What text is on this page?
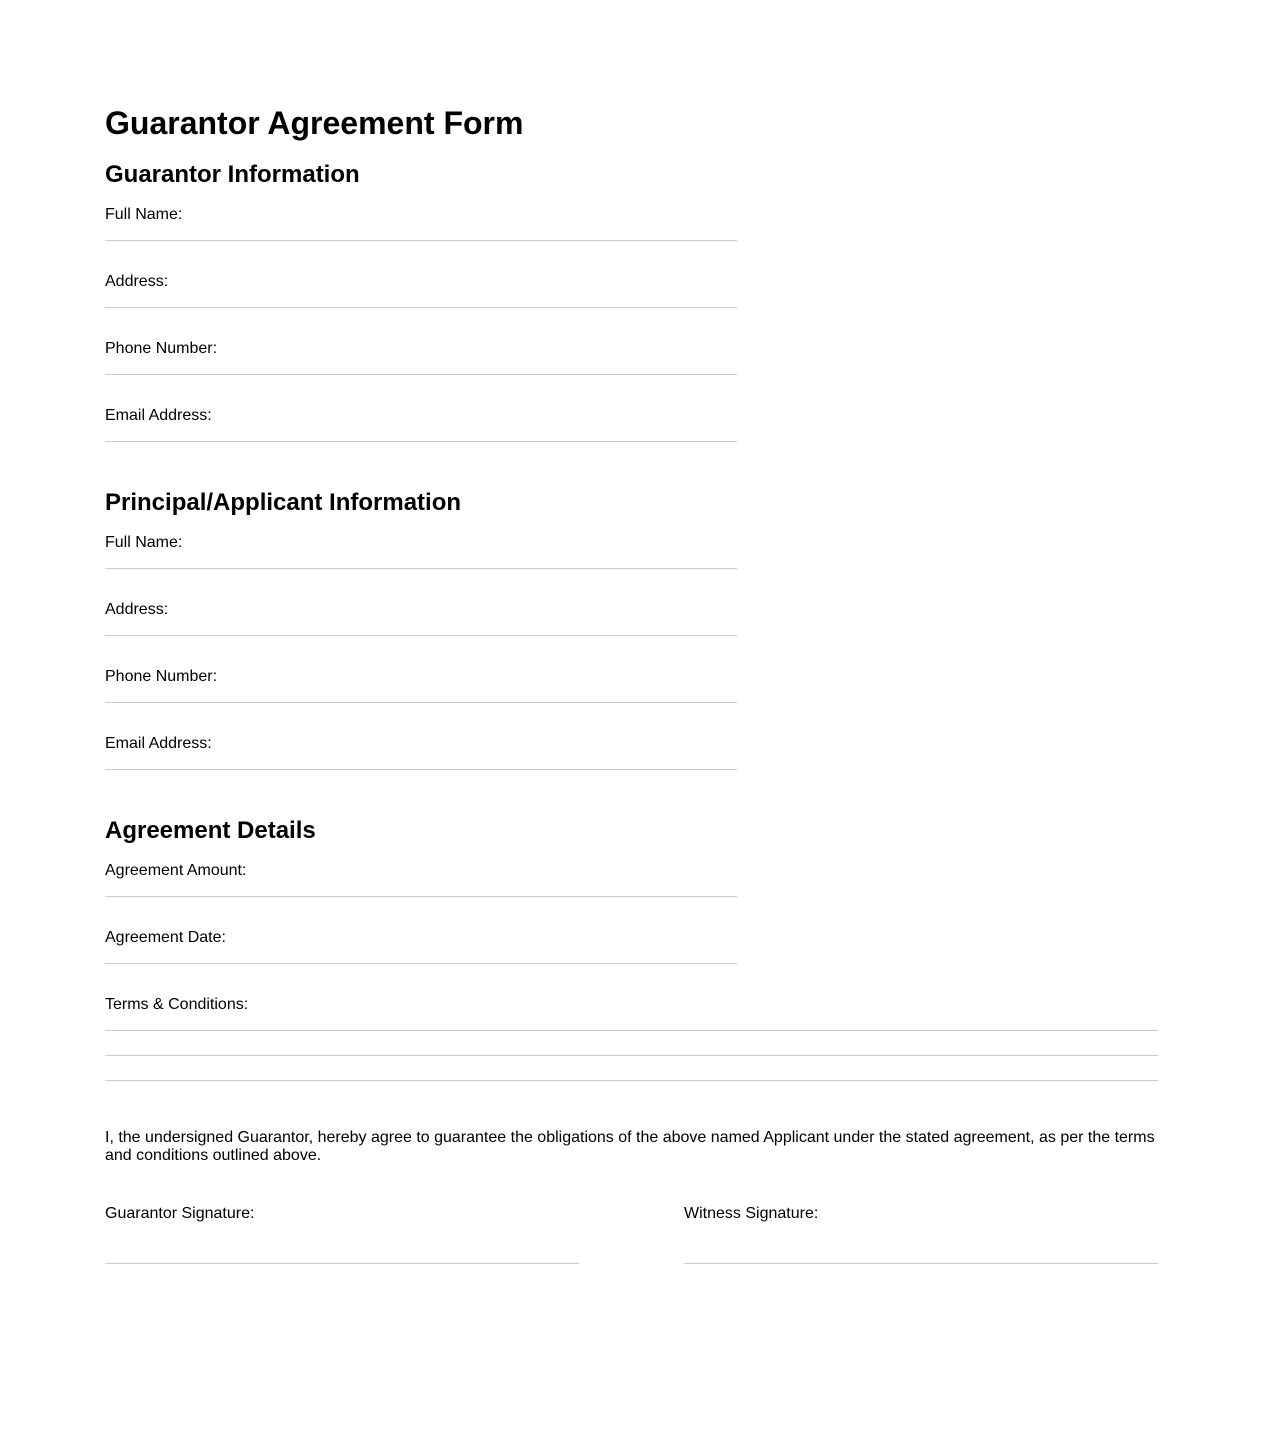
Guarantor Agreement Form
Guarantor Information
Full Name:
Address:
Phone Number:
Email Address:
Principal/Applicant Information
Full Name:
Address:
Phone Number:
Email Address:
Agreement Details
Agreement Amount:
Agreement Date:
Terms & Conditions:

I, the undersigned Guarantor, hereby agree to guarantee the obligations of the above named Applicant under the stated agreement, as per the terms and conditions outlined above.

Guarantor Signature:	Witness Signature:
